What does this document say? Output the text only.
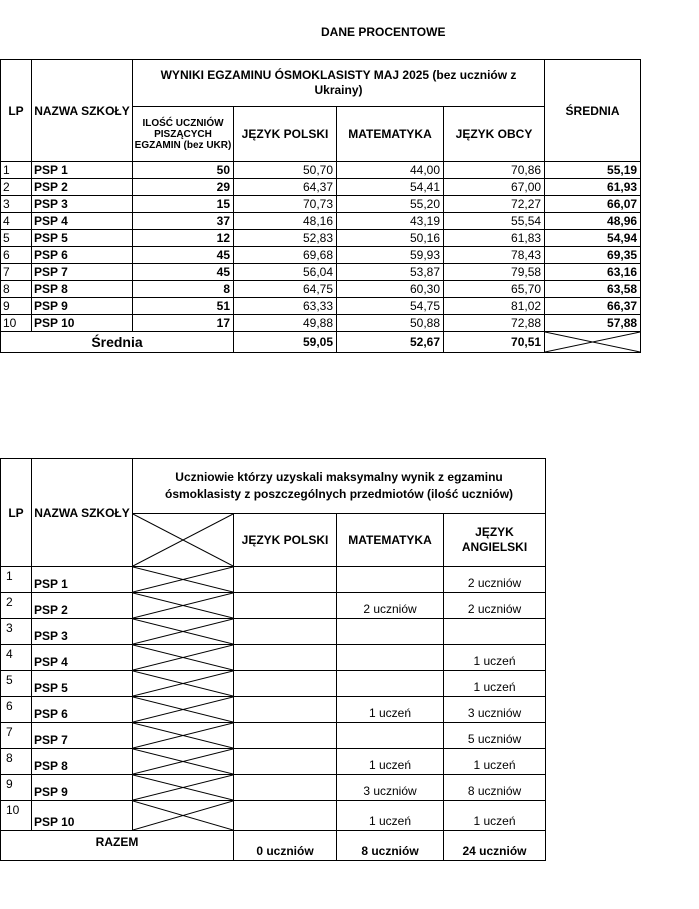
DANE PROCENTOWE
LP	NAZWA SZKOŁY	WYNIKI EGZAMINU ÓSMOKLASISTY MAJ 2025 (bez uczniów z Ukrainy)				ŚREDNIA
		ILOŚĆ UCZNIÓW PISZĄCYCH EGZAMIN (bez UKR)	JĘZYK POLSKI	MATEMATYKA	JĘZYK OBCY	
1	PSP 1	50	50,70	44,00	70,86	55,19
2	PSP 2	29	64,37	54,41	67,00	61,93
3	PSP 3	15	70,73	55,20	72,27	66,07
4	PSP 4	37	48,16	43,19	55,54	48,96
5	PSP 5	12	52,83	50,16	61,83	54,94
6	PSP 6	45	69,68	59,93	78,43	69,35
7	PSP 7	45	56,04	53,87	79,58	63,16
8	PSP 8	8	64,75	60,30	65,70	63,58
9	PSP 9	51	63,33	54,75	81,02	66,37
10	PSP 10	17	49,88	50,88	72,88	57,88
Średnia			59,05	52,67	70,51	
LP	NAZWA SZKOŁY	Uczniowie którzy uzyskali maksymalny wynik z egzaminu ósmoklasisty z poszczególnych przedmiotów (ilość uczniów)			

	JĘZYK POLSKI	MATEMATYKA	JĘZYK ANGIELSKI
1	PSP 1				2 uczniów
2	PSP 2			2 uczniów	2 uczniów
3	PSP 3	

4	PSP 4				1 uczeń
5	PSP 5				1 uczeń
6	PSP 6			1 uczeń	3 uczniów
7	PSP 7				5 uczniów
8	PSP 8			1 uczeń	1 uczeń
9	PSP 9			3 uczniów	8 uczniów
10	PSP 10			1 uczeń	1 uczeń
RAZEM			0 uczniów	8 uczniów	24 uczniów
